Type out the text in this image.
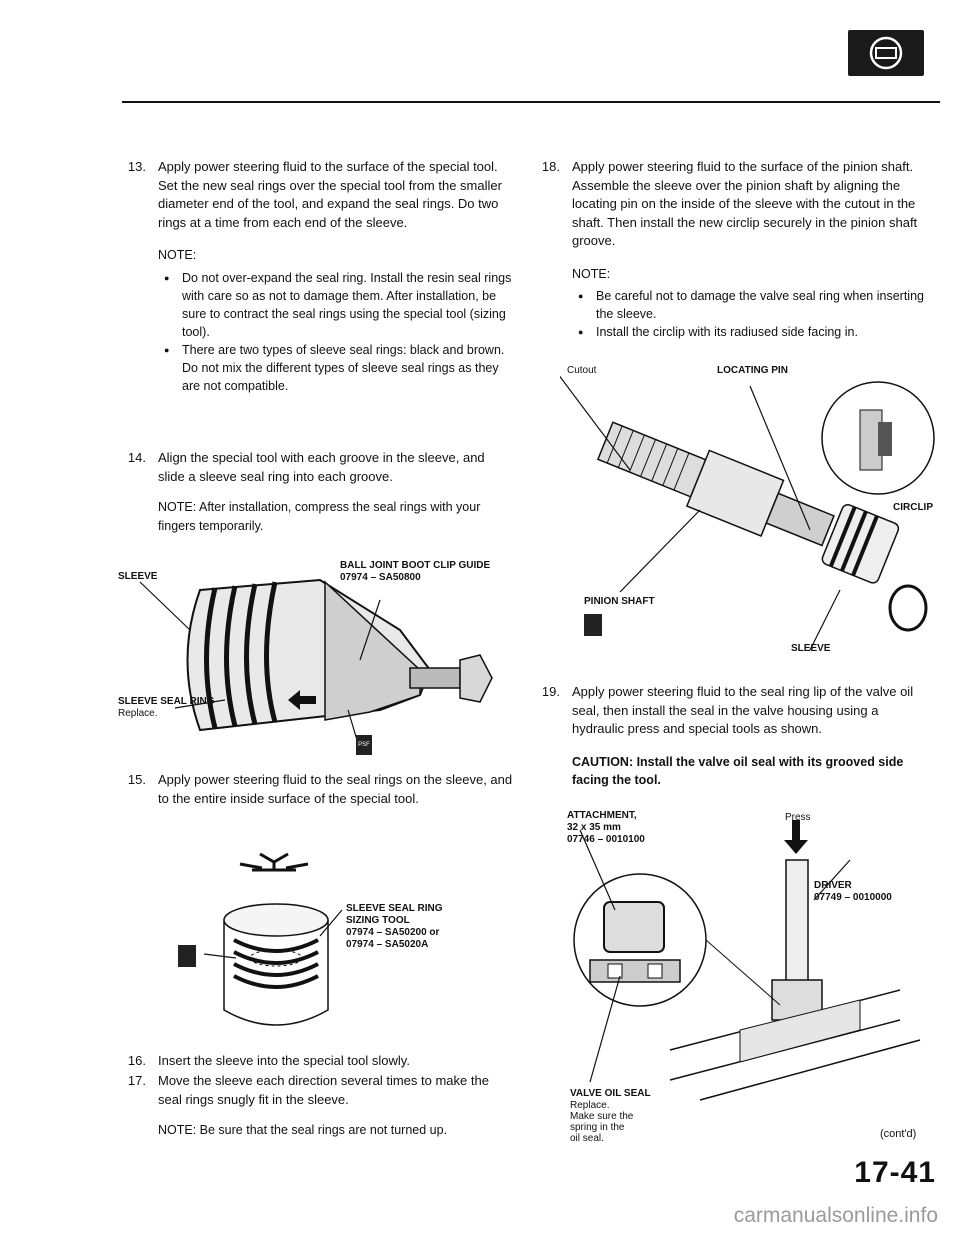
13. Apply power steering fluid to the surface of the special tool. Set the new seal rings over the special tool from the smaller diameter end of the tool, and expand the seal rings. Do two rings at a time from each end of the sleeve.
NOTE:
● Do not over-expand the seal ring. Install the resin seal rings with care so as not to damage them. After installation, be sure to contract the seal rings using the special tool (sizing tool).
● There are two types of sleeve seal rings: black and brown. Do not mix the different types of sleeve seal rings as they are not compatible.
14. Align the special tool with each groove in the sleeve, and slide a sleeve seal ring into each groove.
NOTE: After installation, compress the seal rings with your fingers temporarily.
SLEEVE
BALL JOINT BOOT CLIP GUIDE
07974 – SA50800
SLEEVE SEAL RING
Replace.
PSF
15. Apply power steering fluid to the seal rings on the sleeve, and to the entire inside surface of the special tool.
SLEEVE SEAL RING
SIZING TOOL
07974 – SA50200 or
07974 – SA5020A
16. Insert the sleeve into the special tool slowly.
17. Move the sleeve each direction several times to make the seal rings snugly fit in the sleeve.
NOTE: Be sure that the seal rings are not turned up.
18. Apply power steering fluid to the surface of the pinion shaft. Assemble the sleeve over the pinion shaft by aligning the locating pin on the inside of the sleeve with the cutout in the shaft. Then install the new circlip securely in the pinion shaft groove.
NOTE:
● Be careful not to damage the valve seal ring when inserting the sleeve.
● Install the circlip with its radiused side facing in.
Cutout	LOCATING PIN
CIRCLIP
PINION SHAFT
SLEEVE
19. Apply power steering fluid to the seal ring lip of the valve oil seal, then install the seal in the valve housing using a hydraulic press and special tools as shown.
CAUTION: Install the valve oil seal with its grooved side facing the tool.
ATTACHMENT,
32 x 35 mm
07746 – 0010100
Press
DRIVER
07749 – 0010000
VALVE OIL SEAL
Replace.
Make sure the
spring in the
oil seal.	(cont'd)
17-41
carmanualsonline.info
